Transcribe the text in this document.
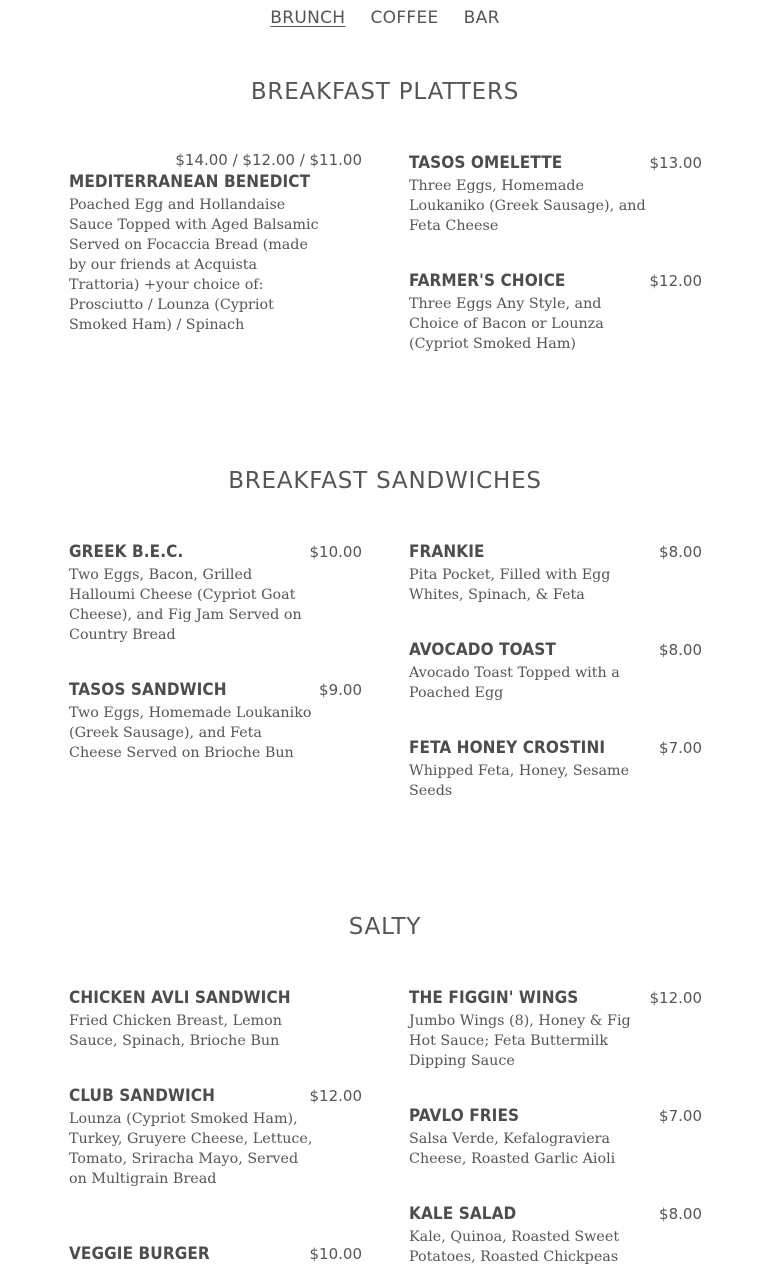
BRUNCH COFFEE BAR
BREAKFAST PLATTERS
$14.00 / $12.00 / $11.00
MEDITERRANEAN BENEDICT

Poached Egg and Hollandaise Sauce Topped with Aged Balsamic Served on Focaccia Bread (made by our friends at Acquista Trattoria) +your choice of: Prosciutto / Lounza (Cypriot Smoked Ham) / Spinach

TASOS OMELETTE	$13.00

Three Eggs, Homemade Loukaniko (Greek Sausage), and Feta Cheese

FARMER'S CHOICE	$12.00

Three Eggs Any Style, and Choice of Bacon or Lounza (Cypriot Smoked Ham)

BREAKFAST SANDWICHES
GREEK B.E.C.	$10.00

Two Eggs, Bacon, Grilled Halloumi Cheese (Cypriot Goat Cheese), and Fig Jam Served on Country Bread

TASOS SANDWICH	$9.00

Two Eggs, Homemade Loukaniko (Greek Sausage), and Feta Cheese Served on Brioche Bun

FRANKIE	$8.00

Pita Pocket, Filled with Egg Whites, Spinach, & Feta

AVOCADO TOAST	$8.00

Avocado Toast Topped with a Poached Egg

FETA HONEY CROSTINI	$7.00

Whipped Feta, Honey, Sesame Seeds

SALTY
CHICKEN AVLI SANDWICH

Fried Chicken Breast, Lemon Sauce, Spinach, Brioche Bun

CLUB SANDWICH	$12.00

Lounza (Cypriot Smoked Ham), Turkey, Gruyere Cheese, Lettuce, Tomato, Sriracha Mayo, Served on Multigrain Bread

VEGGIE BURGER	$10.00

THE FIGGIN' WINGS	$12.00

Jumbo Wings (8), Honey & Fig Hot Sauce; Feta Buttermilk Dipping Sauce

PAVLO FRIES	$7.00

Salsa Verde, Kefalograviera Cheese, Roasted Garlic Aioli

KALE SALAD	$8.00

Kale, Quinoa, Roasted Sweet Potatoes, Roasted Chickpeas
